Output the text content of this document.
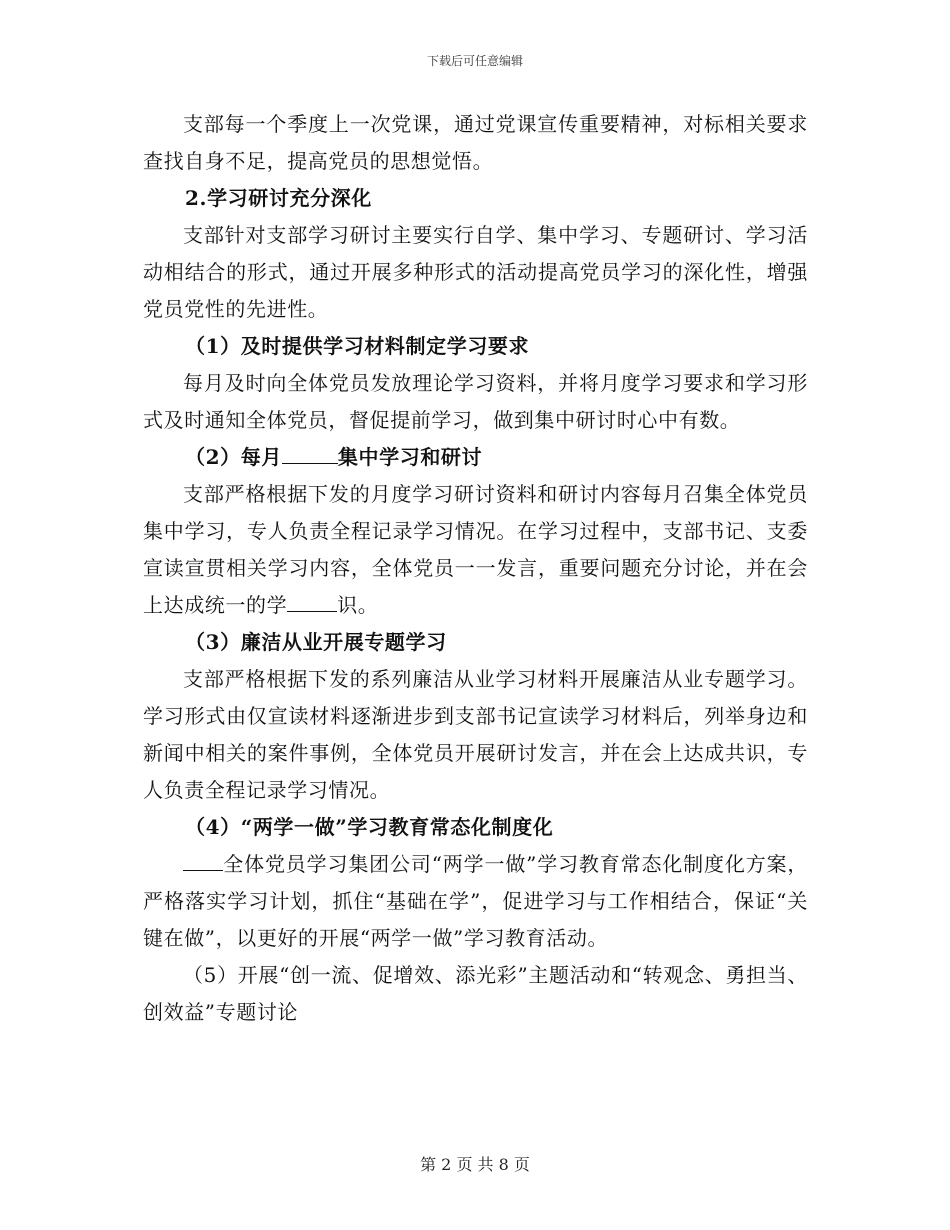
下载后可任意编辑

支部每一个季度上一次党课，通过党课宣传重要精神，对标相关要求查找自身不足，提高党员的思想觉悟。

2.学习研讨充分深化

支部针对支部学习研讨主要实行自学、集中学习、专题研讨、学习活动相结合的形式，通过开展多种形式的活动提高党员学习的深化性，增强党员党性的先进性。

（1）及时提供学习材料制定学习要求

每月及时向全体党员发放理论学习资料，并将月度学习要求和学习形式及时通知全体党员，督促提前学习，做到集中研讨时心中有数。

（2）每月	集中学习和研讨

支部严格根据下发的月度学习研讨资料和研讨内容每月召集全体党员集中学习，专人负责全程记录学习情况。在学习过程中，支部书记、支委宣读宣贯相关学习内容，全体党员一一发言，重要问题充分讨论，并在会上达成统一的学	识。

（3）廉洁从业开展专题学习

支部严格根据下发的系列廉洁从业学习材料开展廉洁从业专题学习。学习形式由仅宣读材料逐渐进步到支部书记宣读学习材料后，列举身边和新闻中相关的案件事例，全体党员开展研讨发言，并在会上达成共识，专人负责全程记录学习情况。

（4）“两学一做”学习教育常态化制度化

全体党员学习集团公司“两学一做”学习教育常态化制度化方案，严格落实学习计划，抓住“基础在学”，促进学习与工作相结合，保证“关键在做”，以更好的开展“两学一做”学习教育活动。

（5）开展“创一流、促增效、添光彩”主题活动和“转观念、勇担当、创效益”专题讨论

第 2 页 共 8 页
